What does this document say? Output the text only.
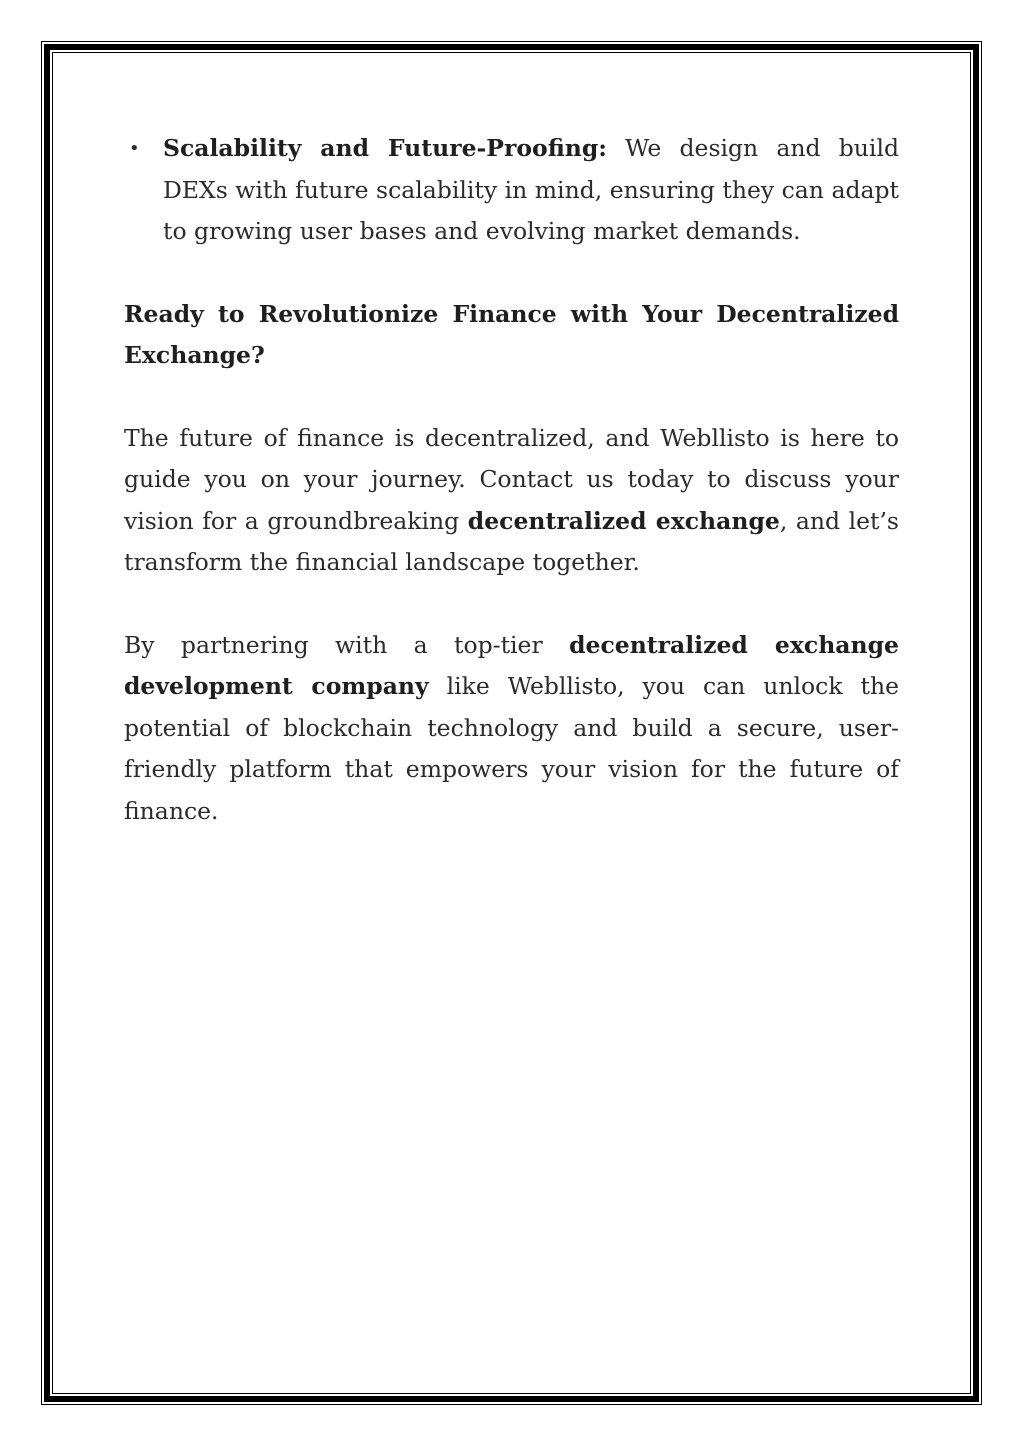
• Scalability and Future-Proofing: We design and build DEXs with future scalability in mind, ensuring they can adapt to growing user bases and evolving market demands.

Ready to Revolutionize Finance with Your Decentralized Exchange?

The future of finance is decentralized, and Webllisto is here to guide you on your journey. Contact us today to discuss your vision for a groundbreaking decentralized exchange, and let’s transform the financial landscape together.

By partnering with a top-tier decentralized exchange development company like Webllisto, you can unlock the potential of blockchain technology and build a secure, user-friendly platform that empowers your vision for the future of finance.
